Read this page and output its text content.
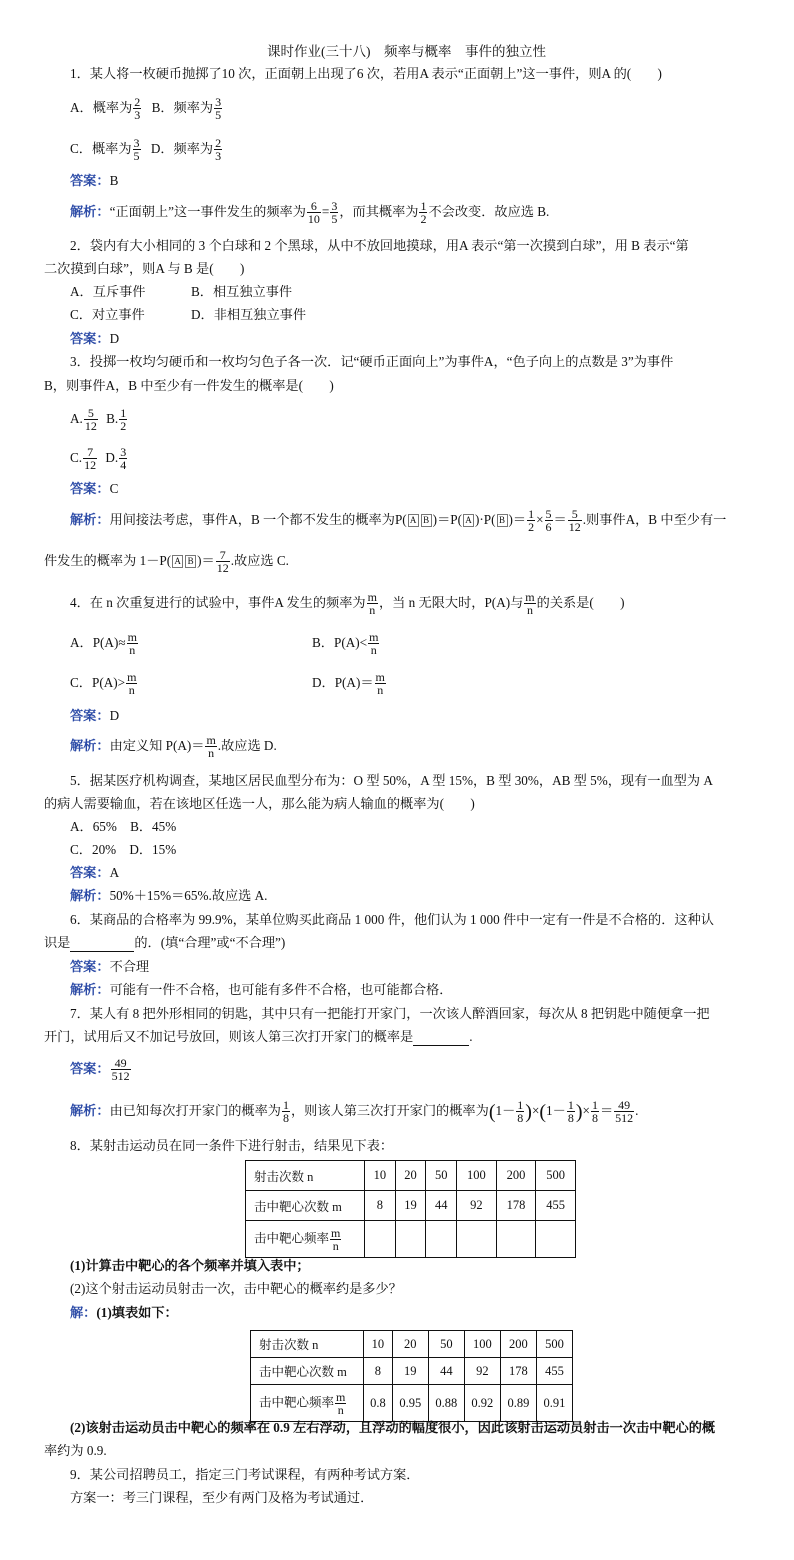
课时作业(三十八)　频率与概率　事件的独立性
1．某人将一枚硬币抛掷了10 次，正面朝上出现了6 次，若用A 表示“正面朝上”这一事件，则A 的(　　)
A．概率为 $\frac{2}{3}$ B．频率为 $\frac{3}{5}$
C．概率为 $\frac{3}{5}$ D．频率为 $\frac{2}{3}$
答案：B
解析：“正面朝上”这一事件发生的频率为 $\frac{6}{10} = \frac{3}{5}$ ，而其概率为 $\frac{1}{2}$ 不会改变．故应选 B.
2．袋内有大小相同的 3 个白球和 2 个黑球，从中不放回地摸球，用A 表示“第一次摸到白球”，用 B 表示“第
二次摸到白球”，则A 与 B 是(　　)
A．互斥事件	B．相互独立事件
C．对立事件	D．非相互独立事件
答案：D
3．投掷一枚均匀硬币和一枚均匀色子各一次．记“硬币正面向上”为事件A，“色子向上的点数是 3”为事件
B，则事件A，B 中至少有一件发生的概率是(　　)
A. $\frac{5}{12} B$. $\frac{1}{2}$
C. $\frac{7}{12} D$. $\frac{3}{4}$
答案：C
解析：用间接法考虑，事件A，B 一个都不发生的概率为P( A B )＝P( A )·P( B )＝ $\frac{1}{2} \times \frac{5}{6} = \frac{5}{12}$ .则事件A，B 中至少有一
件发生的概率为 1－P( A B )＝ $\frac{7}{12}$ .故应选 C.
4．在 n 次重复进行的试验中，事件A 发生的频率为 $\frac{m}{n}$ ，当 n 无限大时，P(A)与 $\frac{m}{n}$ 的关系是(　　)
A．$P(A)\approx \frac{m}{n}$	B．$P(A)< \frac{m}{n}$
C．$P(A)> \frac{m}{n}$	D．$P(A)= \frac{m}{n}$
答案：D
解析：由定义知 $P(A)= \frac{m}{n}$ .故应选 D.
5．据某医疗机构调查，某地区居民血型分布为：O 型 50%，A 型 15%，B 型 30%，AB 型 5%，现有一血型为 A
的病人需要输血，若在该地区任选一人，那么能为病人输血的概率为(　　)
A．65%　 B．45%
C．20%　 D．15%
答案：A
解析：50%＋15%＝65%.故应选 A.
6．某商品的合格率为 99.9%，某单位购买此商品 1 000 件，他们认为 1 000 件中一定有一件是不合格的．这种认
识是	的．(填“合理”或“不合理”)
答案：不合理
解析：可能有一件不合格，也可能有多件不合格，也可能都合格．
7．某人有 8 把外形相同的钥匙，其中只有一把能打开家门，一次该人醉酒回家，每次从 8 把钥匙中随便拿一把
开门，试用后又不加记号放回，则该人第三次打开家门的概率是	.
答案： $\frac{49}{512}$
解析：由已知每次打开家门的概率为 $\frac{1}{8}$ ，则该人第三次打开家门的概率为$(1- \frac{1}{8} )\times(1- \frac{1}{8}$ )× $\frac{1}{8} = \frac{49}{512}$ .
8．某射击运动员在同一条件下进行射击，结果见下表：
射击次数 n	10	20	50	100	200	500
击中靶心次数 m	8	19	44	92	178	455
击中靶心频率 $\frac{m}{n}$

(1)计算击中靶心的各个频率并填入表中；
(2)这个射击运动员射击一次，击中靶心的概率约是多少？
解：(1)填表如下：
射击次数 n	10	20	50	100	200	500
击中靶心次数 m	8	19	44	92	178	455
击中靶心频率 $\frac{m}{n}$	0.8	0.95	0.88	0.92	0.89	0.91
(2)该射击运动员击中靶心的频率在 0.9 左右浮动，且浮动的幅度很小，因此该射击运动员射击一次击中靶心的概
率约为 0.9.
9．某公司招聘员工，指定三门考试课程，有两种考试方案．
方案一：考三门课程，至少有两门及格为考试通过．
